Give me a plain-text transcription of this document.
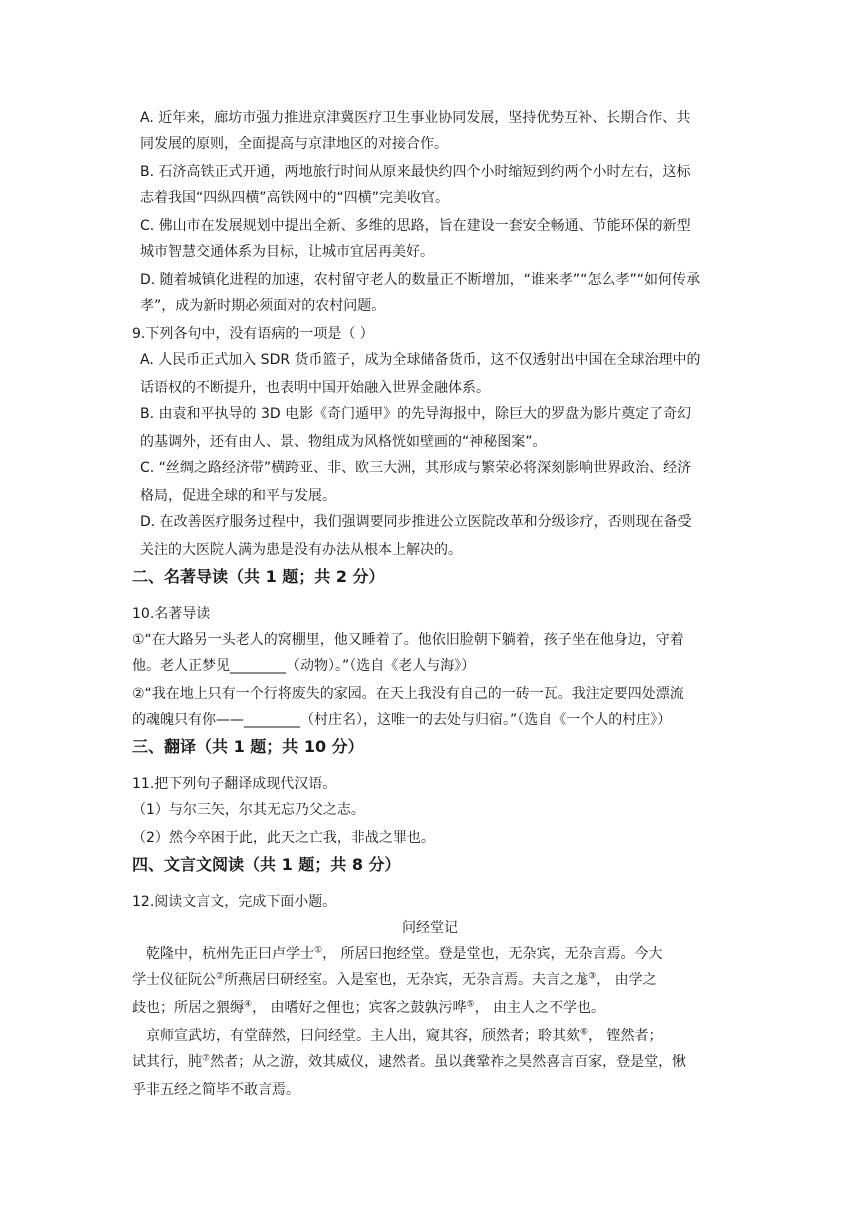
A. 近年来，廊坊市强力推进京津冀医疗卫生事业协同发展，坚持优势互补、长期合作、共
同发展的原则，全面提高与京津地区的对接合作。
B. 石济高铁正式开通，两地旅行时间从原来最快约四个小时缩短到约两个小时左右，这标
志着我国“四纵四横”高铁网中的“四横”完美收官。
C. 佛山市在发展规划中提出全新、多维的思路，旨在建设一套安全畅通、节能环保的新型
城市智慧交通体系为目标，让城市宜居再美好。
D. 随着城镇化进程的加速，农村留守老人的数量正不断增加，“谁来孝”“怎么孝”“如何传承
孝”，成为新时期必须面对的农村问题。
9.下列各句中，没有语病的一项是（ ）
A. 人民币正式加入 SDR 货币篮子，成为全球储备货币，这不仅透射出中国在全球治理中的
话语权的不断提升，也表明中国开始融入世界金融体系。
B. 由袁和平执导的 3D 电影《奇门遁甲》的先导海报中，除巨大的罗盘为影片奠定了奇幻
的基调外，还有由人、景、物组成为风格恍如壁画的“神秘图案”。
C. “丝绸之路经济带”横跨亚、非、欧三大洲，其形成与繁荣必将深刻影响世界政治、经济
格局，促进全球的和平与发展。
D. 在改善医疗服务过程中，我们强调要同步推进公立医院改革和分级诊疗，否则现在备受
关注的大医院人满为患是没有办法从根本上解决的。
二、名著导读（共 1 题；共 2 分）
10.名著导读
①“在大路另一头老人的窝棚里，他又睡着了。他依旧脸朝下躺着，孩子坐在他身边，守着
他。老人正梦见________（动物）。”（选自《老人与海》）
②“我在地上只有一个行将废失的家园。在天上我没有自己的一砖一瓦。我注定要四处漂流
的魂魄只有你——________（村庄名），这唯一的去处与归宿。”（选自《一个人的村庄》）
三、翻译（共 1 题；共 10 分）
11.把下列句子翻译成现代汉语。
（1）与尔三矢，尔其无忘乃父之志。
（2）然今卒困于此，此天之亡我，非战之罪也。
四、文言文阅读（共 1 题；共 8 分）
12.阅读文言文，完成下面小题。
问经堂记
乾隆中，杭州先正曰卢学士①， 所居曰抱经堂。登是堂也，无杂宾，无杂言焉。今大
学士仪征阮公②所燕居曰研经室。入是室也，无杂宾，无杂言焉。夫言之尨③， 由学之
歧也；所居之猥缛④， 由嗜好之俚也；宾客之鼓孰污哗⑤， 由主人之不学也。
京师宣武坊，有堂薛然，曰问经堂。主人出，窥其容，颀然者；聆其欬⑥， 铿然者；
试其行，肫⑦然者；从之游，效其威仪，逮然者。虽以龚鞏祚之昊然喜言百家，登是堂，愀
乎非五经之简毕不敢言焉。
